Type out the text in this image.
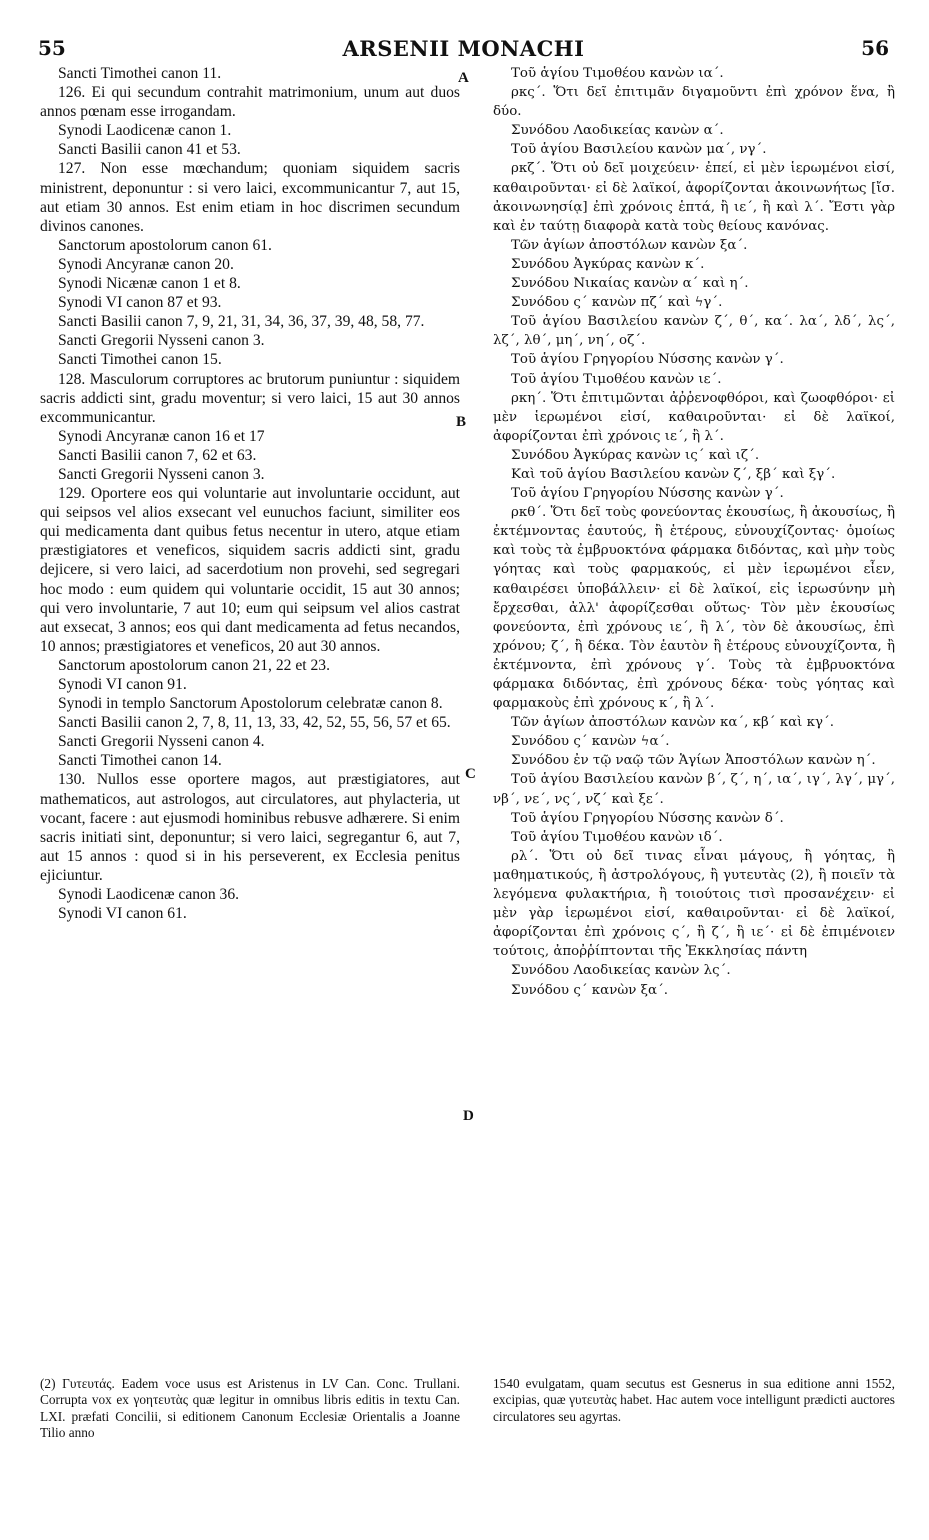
55	ARSENII MONACHI	56

Sancti Timothei canon 11.

126. Ei qui secundum contrahit matrimonium, unum aut duos annos pœnam esse irrogandam.

Synodi Laodicenæ canon 1.

Sancti Basilii canon 41 et 53.

127. Non esse mœchandum; quoniam siquidem sacris ministrent, deponuntur : si vero laici, excommunicantur 7, aut 15, aut etiam 30 annos. Est enim etiam in hoc discrimen secundum divinos canones.

Sanctorum apostolorum canon 61.

Synodi Ancyranæ canon 20.

Synodi Nicænæ canon 1 et 8.

Synodi VI canon 87 et 93.

Sancti Basilii canon 7, 9, 21, 31, 34, 36, 37, 39, 48, 58, 77.

Sancti Gregorii Nysseni canon 3.

Sancti Timothei canon 15.

128. Masculorum corruptores ac brutorum puniuntur : siquidem sacris addicti sint, gradu moventur; si vero laici, 15 aut 30 annos excommunicantur.

Synodi Ancyranæ canon 16 et 17

Sancti Basilii canon 7, 62 et 63.

Sancti Gregorii Nysseni canon 3.

129. Oportere eos qui voluntarie aut involuntarie occidunt, aut qui seipsos vel alios exsecant vel eunuchos faciunt, similiter eos qui medicamenta dant quibus fetus necentur in utero, atque etiam præstigiatores et veneficos, siquidem sacris addicti sint, gradu dejicere, si vero laici, ad sacerdotium non provehi, sed segregari hoc modo : eum quidem qui voluntarie occidit, 15 aut 30 annos; qui vero involuntarie, 7 aut 10; eum qui seipsum vel alios castrat aut exsecat, 3 annos; eos qui dant medicamenta ad fetus necandos, 10 annos; præstigiatores et veneficos, 20 aut 30 annos.

Sanctorum apostolorum canon 21, 22 et 23.

Synodi VI canon 91.

Synodi in templo Sanctorum Apostolorum celebratæ canon 8.

Sancti Basilii canon 2, 7, 8, 11, 13, 33, 42, 52, 55, 56, 57 et 65.

Sancti Gregorii Nysseni canon 4.

Sancti Timothei canon 14.

130. Nullos esse oportere magos, aut præstigiatores, aut mathematicos, aut astrologos, aut circulatores, aut phylacteria, ut vocant, facere : aut ejusmodi hominibus rebusve adhærere. Si enim sacris initiati sint, deponuntur; si vero laici, segregantur 6, aut 7, aut 15 annos : quod si in his perseverent, ex Ecclesia penitus ejiciuntur.

Synodi Laodicenæ canon 36.

Synodi VI canon 61.

Τοῦ ἁγίου Τιμοθέου κανὼν ια΄.

ρκς΄. Ὅτι δεῖ ἐπιτιμᾶν διγαμοῦντι ἐπὶ χρόνον ἕνα, ἢ δύο.

Συνόδου Λαοδικείας κανὼν α΄.

Τοῦ ἁγίου Βασιλείου κανὼν μα΄, νγ΄.

ρκζ΄. Ὅτι οὐ δεῖ μοιχεύειν· ἐπεί, εἰ μὲν ἱερωμένοι εἰσί, καθαιροῦνται· εἰ δὲ λαϊκοί, ἀφορίζονται ἀκοινωνήτως [ἴσ. ἀκοινωνησίᾳ] ἐπὶ χρόνοις ἑπτά, ἢ ιε΄, ἢ καὶ λ΄. Ἔστι γὰρ καὶ ἐν ταύτῃ διαφορὰ κατὰ τοὺς θείους κανόνας.

Τῶν ἁγίων ἀποστόλων κανὼν ξα΄.

Συνόδου Ἀγκύρας κανὼν κ΄.

Συνόδου Νικαίας κανὼν α΄ καὶ η΄.

Συνόδου ς΄ κανὼν πζ΄ καὶ ϟγ΄.

Τοῦ ἁγίου Βασιλείου κανὼν ζ΄, θ΄, κα΄. λα΄, λδ΄, λς΄, λζ΄, λθ΄, μη΄, νη΄, οζ΄.

Τοῦ ἁγίου Γρηγορίου Νύσσης κανὼν γ΄.

Τοῦ ἁγίου Τιμοθέου κανὼν ιε΄.

ρκη΄. Ὅτι ἐπιτιμῶνται ἀῤῥενοφθόροι, καὶ ζωοφθόροι· εἰ μὲν ἱερωμένοι εἰσί, καθαιροῦνται· εἰ δὲ λαϊκοί, ἀφορίζονται ἐπὶ χρόνοις ιε΄, ἢ λ΄.

Συνόδου Ἀγκύρας κανὼν ις΄ καὶ ιζ΄.

Καὶ τοῦ ἁγίου Βασιλείου κανὼν ζ΄, ξβ΄ καὶ ξγ΄.

Τοῦ ἁγίου Γρηγορίου Νύσσης κανὼν γ΄.

ρκθ΄. Ὅτι δεῖ τοὺς φονεύοντας ἑκουσίως, ἢ ἀκουσίως, ἢ ἐκτέμνοντας ἑαυτούς, ἢ ἑτέρους, εὐνουχίζοντας· ὁμοίως καὶ τοὺς τὰ ἐμβρυοκτόνα φάρμακα διδόντας, καὶ μὴν τοὺς γόητας καὶ τοὺς φαρμακούς, εἰ μὲν ἱερωμένοι εἶεν, καθαιρέσει ὑποβάλλειν· εἰ δὲ λαϊκοί, εἰς ἱερωσύνην μὴ ἔρχεσθαι, ἀλλ' ἀφορίζεσθαι οὕτως· Τὸν μὲν ἑκουσίως φονεύοντα, ἐπὶ χρόνους ιε΄, ἢ λ΄, τὸν δὲ ἀκουσίως, ἐπὶ χρόνου; ζ΄, ἢ δέκα. Τὸν ἑαυτὸν ἢ ἑτέρους εὐνουχίζοντα, ἢ ἐκτέμνοντα, ἐπὶ χρόνους γ΄. Τοὺς τὰ ἐμβρυοκτόνα φάρμακα διδόντας, ἐπὶ χρόνους δέκα· τοὺς γόητας καὶ φαρμακοὺς ἐπὶ χρόνους κ΄, ἢ λ΄.

Τῶν ἁγίων ἀποστόλων κανὼν κα΄, κβ΄ καὶ κγ΄.

Συνόδου ς΄ κανὼν ϟα΄.

Συνόδου ἐν τῷ ναῷ τῶν Ἁγίων Ἀποστόλων κανὼν η΄.

Τοῦ ἁγίου Βασιλείου κανὼν β΄, ζ΄, η΄, ια΄, ιγ΄, λγ΄, μγ΄, νβ΄, νε΄, νς΄, νζ΄ καὶ ξε΄.

Τοῦ ἁγίου Γρηγορίου Νύσσης κανὼν δ΄.

Τοῦ ἁγίου Τιμοθέου κανὼν ιδ΄.

ρλ΄. Ὅτι οὐ δεῖ τινας εἶναι μάγους, ἢ γόητας, ἢ μαθηματικούς, ἢ ἀστρολόγους, ἢ γυτευτὰς (2), ἢ ποιεῖν τὰ λεγόμενα φυλακτήρια, ἢ τοιούτοις τισὶ προσανέχειν· εἰ μὲν γὰρ ἱερωμένοι εἰσί, καθαιροῦνται· εἰ δὲ λαϊκοί, ἀφορίζονται ἐπὶ χρόνοις ς΄, ἢ ζ΄, ἢ ιε΄· εἰ δὲ ἐπιμένοιεν τούτοις, ἀποῤῥίπτονται τῆς Ἐκκλησίας πάντη

Συνόδου Λαοδικείας κανὼν λς΄.

Συνόδου ς΄ κανὼν ξα΄.

A
B
C
D

(2) Γυτευτάς. Eadem voce usus est Aristenus in LV Can. Conc. Trullani. Corrupta vox ex γοητευτὰς quæ legitur in omnibus libris editis in textu Can. LXI. præfati Concilii, si editionem Canonum Ecclesiæ Orientalis a Joanne Tilio anno

1540 evulgatam, quam secutus est Gesnerus in sua editione anni 1552, excipias, quæ γυτευτὰς habet. Hac autem voce intelligunt prædicti auctores circulatores seu agyrtas.
